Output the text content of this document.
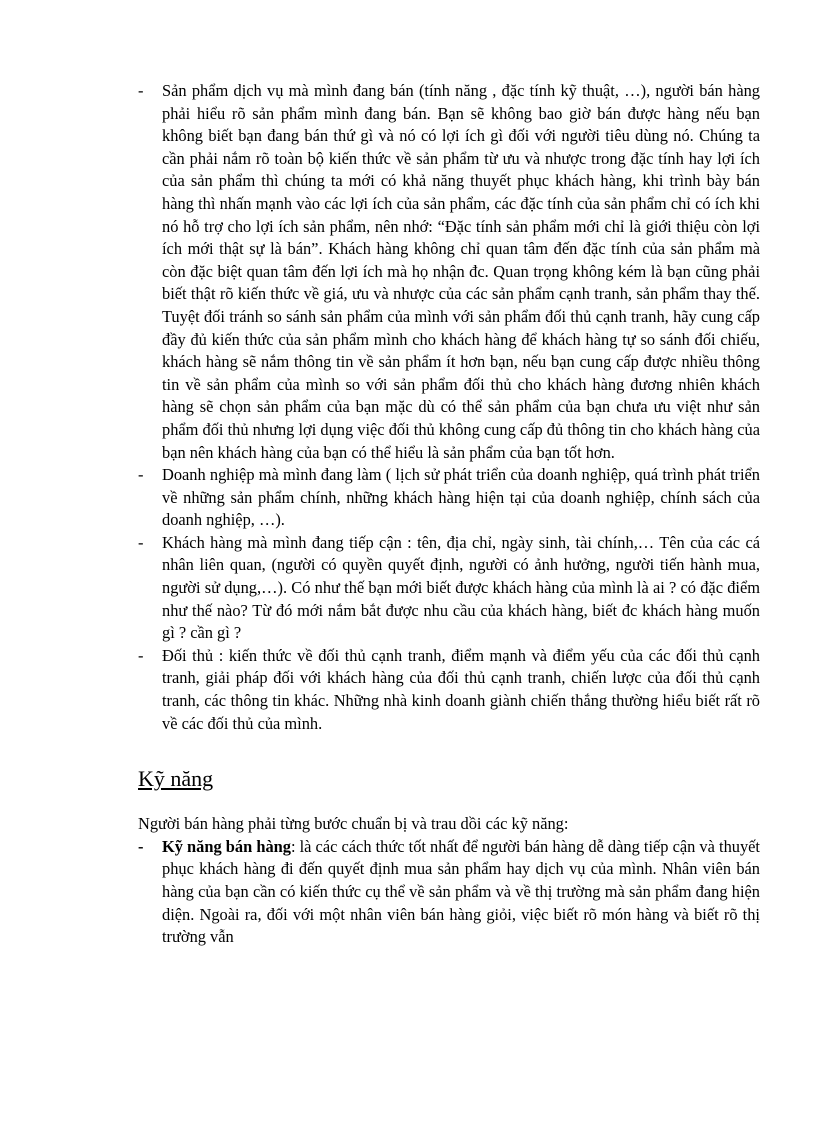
- Sản phẩm dịch vụ mà mình đang bán (tính năng , đặc tính kỹ thuật, …), người bán hàng phải hiểu rõ sản phẩm mình đang bán. Bạn sẽ không bao giờ bán được hàng nếu bạn không biết bạn đang bán thứ gì và nó có lợi ích gì đối với người tiêu dùng nó. Chúng ta cần phải nắm rõ toàn bộ kiến thức về sản phẩm từ ưu và nhược trong đặc tính hay lợi ích của sản phẩm thì chúng ta mới có khả năng thuyết phục khách hàng, khi trình bày bán hàng thì nhấn mạnh vào các lợi ích của sản phẩm, các đặc tính của sản phẩm chỉ có ích khi nó hỗ trợ cho lợi ích sản phẩm, nên nhớ: “Đặc tính sản phẩm mới chỉ là giới thiệu còn lợi ích mới thật sự là bán”. Khách hàng không chỉ quan tâm đến đặc tính của sản phẩm mà còn đặc biệt quan tâm đến lợi ích mà họ nhận đc. Quan trọng không kém là bạn cũng phải biết thật rõ kiến thức về giá, ưu và nhược của các sản phẩm cạnh tranh, sản phẩm thay thế. Tuyệt đối tránh so sánh sản phẩm của mình với sản phẩm đối thủ cạnh tranh, hãy cung cấp đầy đủ kiến thức của sản phẩm mình cho khách hàng để khách hàng tự so sánh đối chiếu, khách hàng sẽ nắm thông tin về sản phẩm ít hơn bạn, nếu bạn cung cấp được nhiều thông tin về sản phẩm của mình so với sản phẩm đối thủ cho khách hàng đương nhiên khách hàng sẽ chọn sản phẩm của bạn mặc dù có thể sản phẩm của bạn chưa ưu việt như sản phẩm đối thủ nhưng lợi dụng việc đối thủ không cung cấp đủ thông tin cho khách hàng của bạn nên khách hàng của bạn có thể hiểu là sản phẩm của bạn tốt hơn.
- Doanh nghiệp mà mình đang làm ( lịch sử phát triển của doanh nghiệp, quá trình phát triển về những sản phẩm chính, những khách hàng hiện tại của doanh nghiệp, chính sách của doanh nghiệp, …).
- Khách hàng mà mình đang tiếp cận : tên, địa chỉ, ngày sinh, tài chính,… Tên của các cá nhân liên quan, (người có quyền quyết định, người có ảnh hưởng, người tiến hành mua, người sử dụng,…). Có như thế bạn mới biết được khách hàng của mình là ai ? có đặc điểm như thế nào? Từ đó mới nắm bắt được nhu cầu của khách hàng, biết đc khách hàng muốn gì ? cần gì ?
- Đối thủ : kiến thức về đối thủ cạnh tranh, điểm mạnh và điểm yếu của các đối thủ cạnh tranh, giải pháp đối với khách hàng của đối thủ cạnh tranh, chiến lược của đối thủ cạnh tranh, các thông tin khác. Những nhà kinh doanh giành chiến thắng thường hiểu biết rất rõ về các đối thủ của mình.
Kỹ năng

Người bán hàng phải từng bước chuẩn bị và trau dồi các kỹ năng:

- Kỹ năng bán hàng: là các cách thức tốt nhất để người bán hàng dễ dàng tiếp cận và thuyết phục khách hàng đi đến quyết định mua sản phẩm hay dịch vụ của mình. Nhân viên bán hàng của bạn cần có kiến thức cụ thể về sản phẩm và về thị trường mà sản phẩm đang hiện diện. Ngoài ra, đối với một nhân viên bán hàng giỏi, việc biết rõ món hàng và biết rõ thị trường vẫn
